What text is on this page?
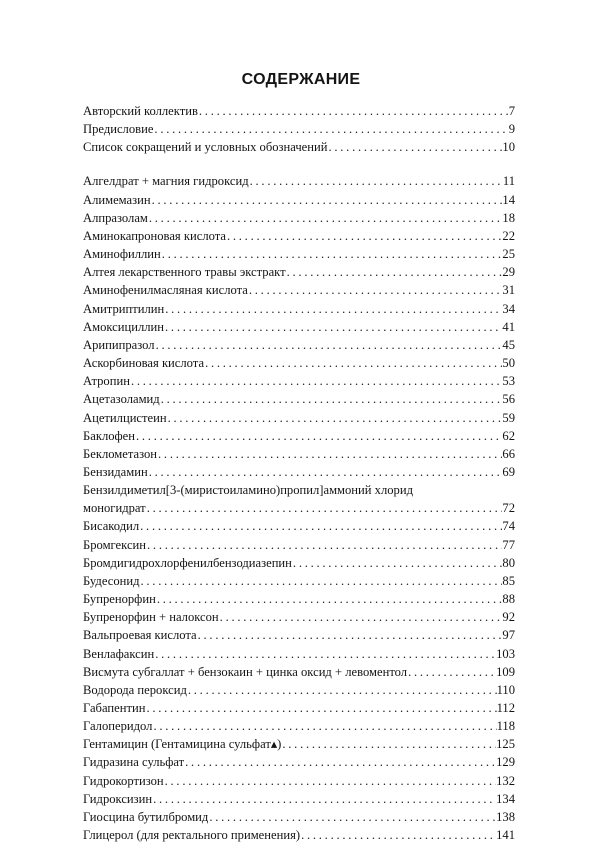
СОДЕРЖАНИЕ
Авторский коллектив . . .	7
Предисловие . . .	9
Список сокращений и условных обозначений . . .	10
Алгелдрат + магния гидроксид . . .	11
Алимемазин . . .	14
Алпразолам . . .	18
Аминокапроновая кислота . . .	22
Аминофиллин . . .	25
Алтея лекарственного травы экстракт . . .	29
Аминофенилмасляная кислота . . .	31
Амитриптилин . . .	34
Амоксициллин . . .	41
Арипипразол . . .	45
Аскорбиновая кислота . . .	50
Атропин . . .	53
Ацетазоламид . . .	56
Ацетилцистеин . . .	59
Баклофен . . .	62
Беклометазон . . .	66
Бензидамин . . .	69
Бензилдиметил[3-(миристоиламино)пропил]аммоний хлорид
моногидрат . . .	72
Бисакодил . . .	74
Бромгексин . . .	77
Бромдигидрохлорфенилбензодиазепин . . .	80
Будесонид . . .	85
Бупренорфин . . .	88
Бупренорфин + налоксон . . .	92
Вальпроевая кислота . . .	97
Венлафаксин . . .	103
Висмута субгаллат + бензокаин + цинка оксид + левоментол . . .	109
Водорода пероксид . . .	110
Габапентин . . .	112
Галоперидол . . .	118
Гентамицин (Гентамицина сульфат▴) . . .	125
Гидразина сульфат . . .	129
Гидрокортизон . . .	132
Гидроксизин . . .	134
Гиосцина бутилбромид . . .	138
Глицерол (для ректального применения) . . .	141
